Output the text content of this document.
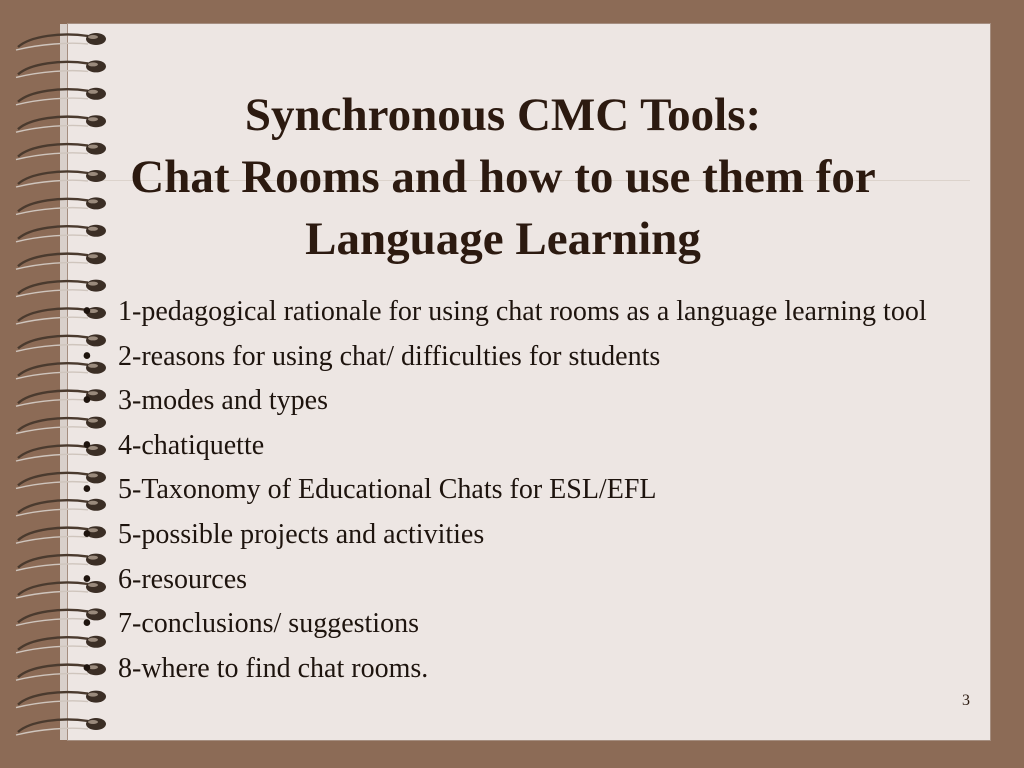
Synchronous CMC Tools:
Chat Rooms and how to use them for
Language Learning
• 1-pedagogical rationale for using chat rooms as a language learning tool
• 2-reasons for using chat/ difficulties for students
• 3-modes and types
• 4-chatiquette
• 5-Taxonomy of Educational Chats for ESL/EFL
• 5-possible projects and activities
• 6-resources
• 7-conclusions/ suggestions
• 8-where to find chat rooms.
3
